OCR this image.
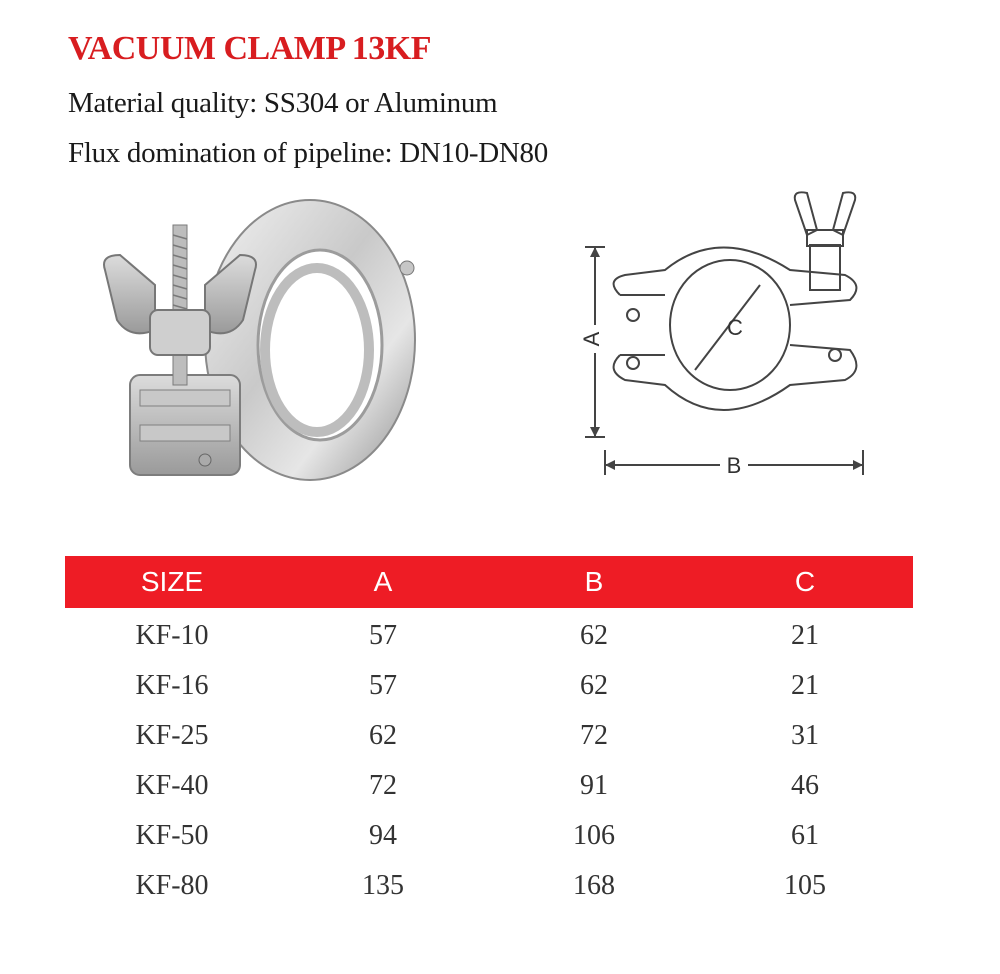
VACUUM CLAMP 13KF
Material quality: SS304 or Aluminum
Flux domination of pipeline: DN10-DN80
A
B
C
SIZE	A	B	C
KF-10	57	62	21
KF-16	57	62	21
KF-25	62	72	31
KF-40	72	91	46
KF-50	94	106	61
KF-80	135	168	105
